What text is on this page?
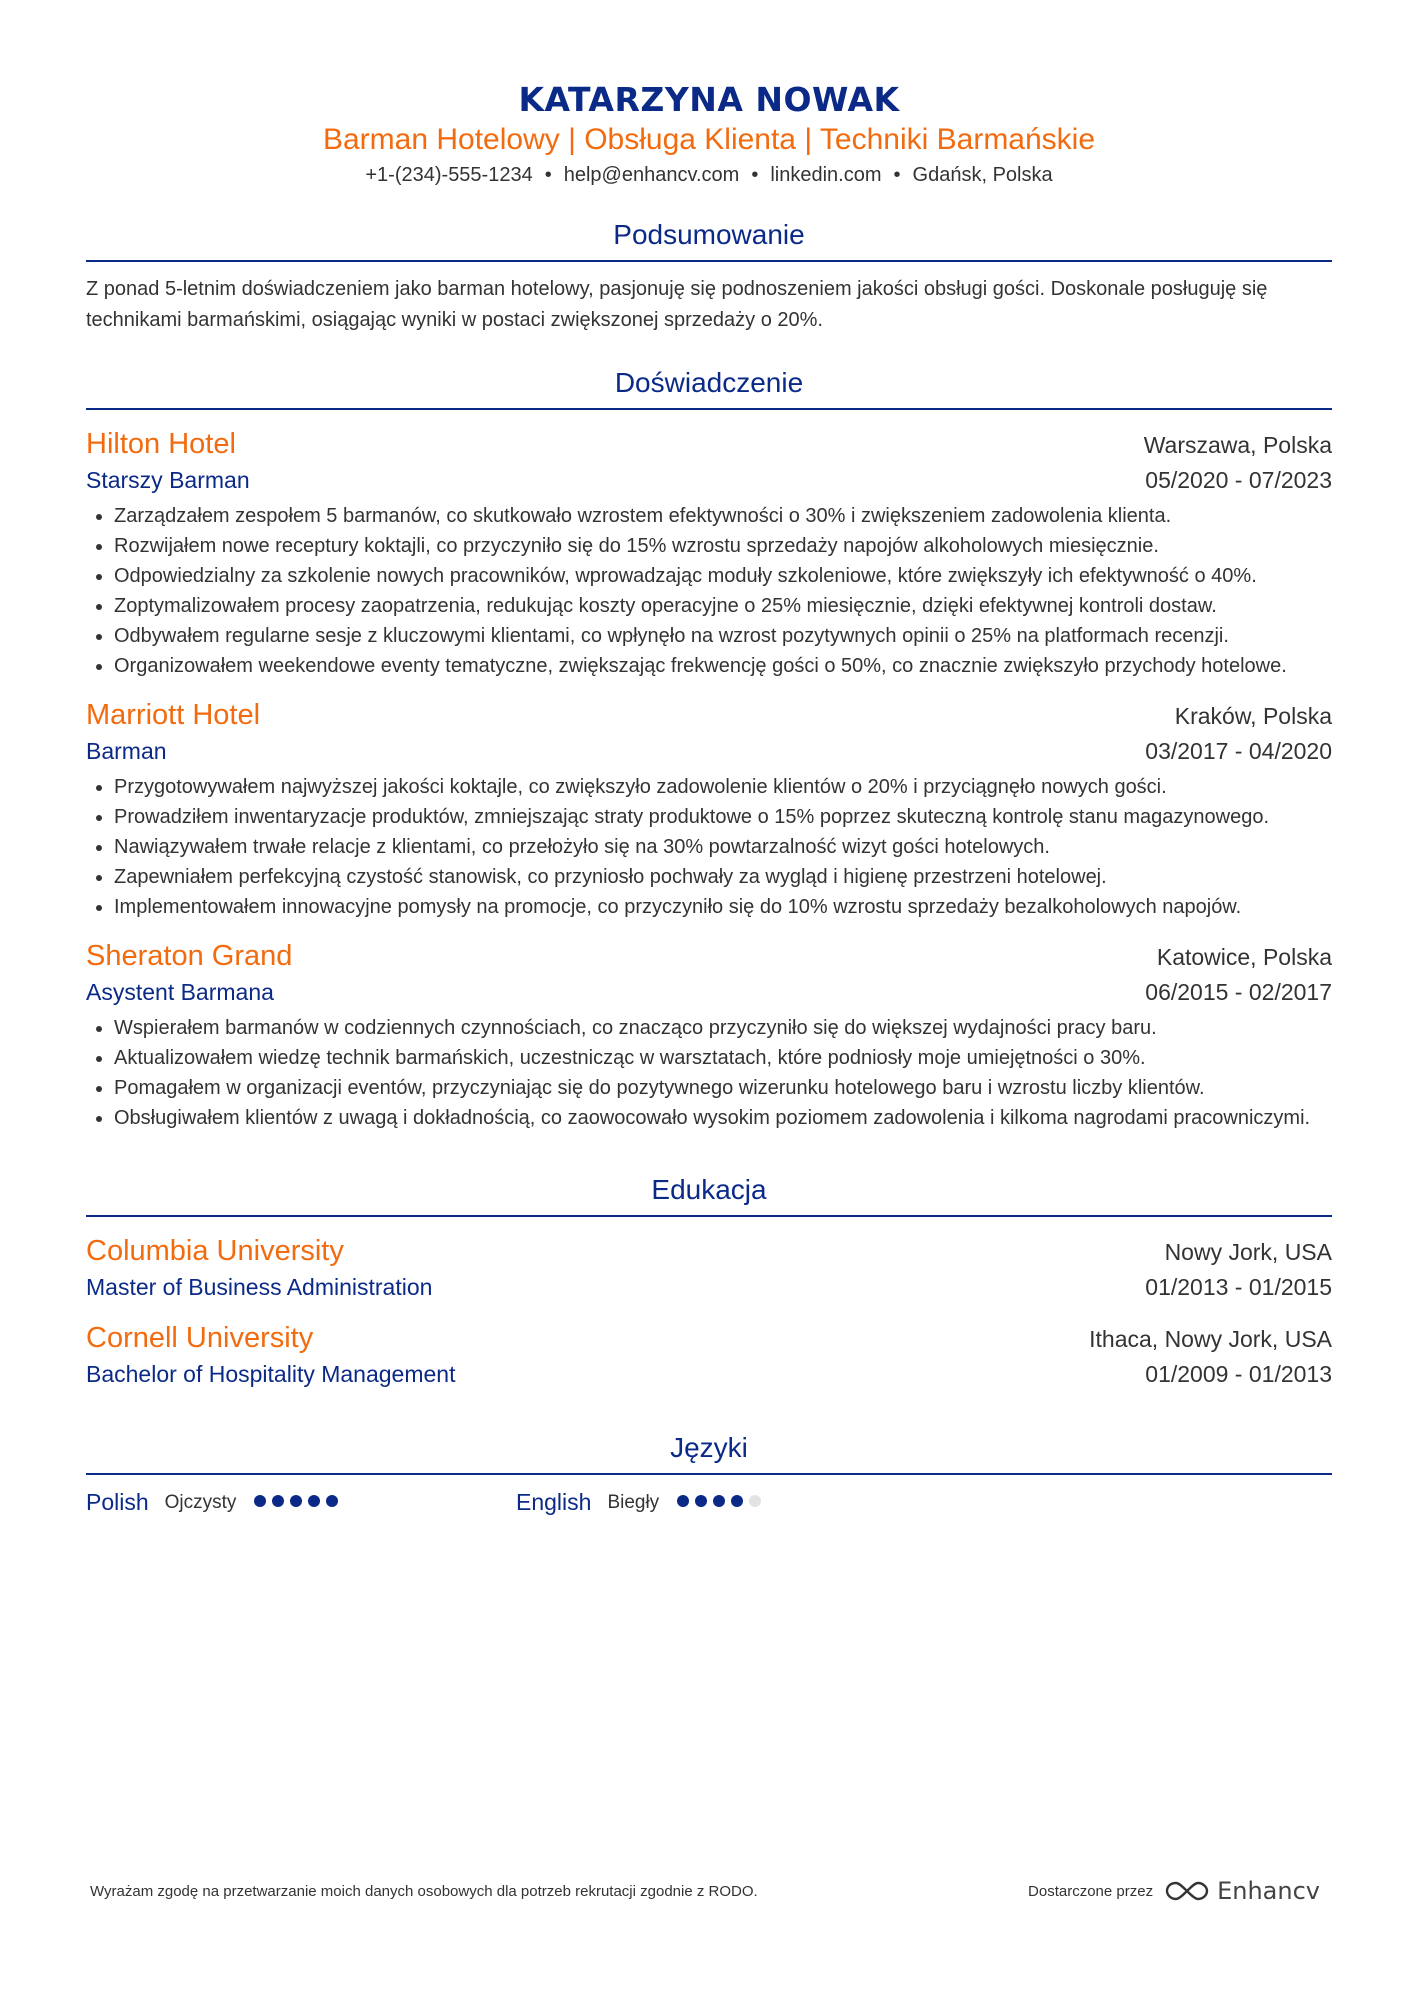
KATARZYNA NOWAK
Barman Hotelowy | Obsługa Klienta | Techniki Barmańskie
+1-(234)-555-1234 • help@enhancv.com • linkedin.com • Gdańsk, Polska
Podsumowanie
Z ponad 5-letnim doświadczeniem jako barman hotelowy, pasjonuję się podnoszeniem jakości obsługi gości. Doskonale posługuję się technikami barmańskimi, osiągając wyniki w postaci zwiększonej sprzedaży o 20%.
Doświadczenie
Hilton Hotel	Warszawa, Polska
Starszy Barman	05/2020 - 07/2023
Zarządzałem zespołem 5 barmanów, co skutkowało wzrostem efektywności o 30% i zwiększeniem zadowolenia klienta.
Rozwijałem nowe receptury koktajli, co przyczyniło się do 15% wzrostu sprzedaży napojów alkoholowych miesięcznie.
Odpowiedzialny za szkolenie nowych pracowników, wprowadzając moduły szkoleniowe, które zwiększyły ich efektywność o 40%.
Zoptymalizowałem procesy zaopatrzenia, redukując koszty operacyjne o 25% miesięcznie, dzięki efektywnej kontroli dostaw.
Odbywałem regularne sesje z kluczowymi klientami, co wpłynęło na wzrost pozytywnych opinii o 25% na platformach recenzji.
Organizowałem weekendowe eventy tematyczne, zwiększając frekwencję gości o 50%, co znacznie zwiększyło przychody hotelowe.
Marriott Hotel	Kraków, Polska
Barman	03/2017 - 04/2020
Przygotowywałem najwyższej jakości koktajle, co zwiększyło zadowolenie klientów o 20% i przyciągnęło nowych gości.
Prowadziłem inwentaryzacje produktów, zmniejszając straty produktowe o 15% poprzez skuteczną kontrolę stanu magazynowego.
Nawiązywałem trwałe relacje z klientami, co przełożyło się na 30% powtarzalność wizyt gości hotelowych.
Zapewniałem perfekcyjną czystość stanowisk, co przyniosło pochwały za wygląd i higienę przestrzeni hotelowej.
Implementowałem innowacyjne pomysły na promocje, co przyczyniło się do 10% wzrostu sprzedaży bezalkoholowych napojów.
Sheraton Grand	Katowice, Polska
Asystent Barmana	06/2015 - 02/2017
Wspierałem barmanów w codziennych czynnościach, co znacząco przyczyniło się do większej wydajności pracy baru.
Aktualizowałem wiedzę technik barmańskich, uczestnicząc w warsztatach, które podniosły moje umiejętności o 30%.
Pomagałem w organizacji eventów, przyczyniając się do pozytywnego wizerunku hotelowego baru i wzrostu liczby klientów.
Obsługiwałem klientów z uwagą i dokładnością, co zaowocowało wysokim poziomem zadowolenia i kilkoma nagrodami pracowniczymi.
Edukacja
Columbia University	Nowy Jork, USA
Master of Business Administration	01/2013 - 01/2015
Cornell University	Ithaca, Nowy Jork, USA
Bachelor of Hospitality Management	01/2009 - 01/2013
Języki
Polish Ojczysty	English Biegły
Wyrażam zgodę na przetwarzanie moich danych osobowych dla potrzeb rekrutacji zgodnie z RODO.	Dostarczone przez	Enhancv
